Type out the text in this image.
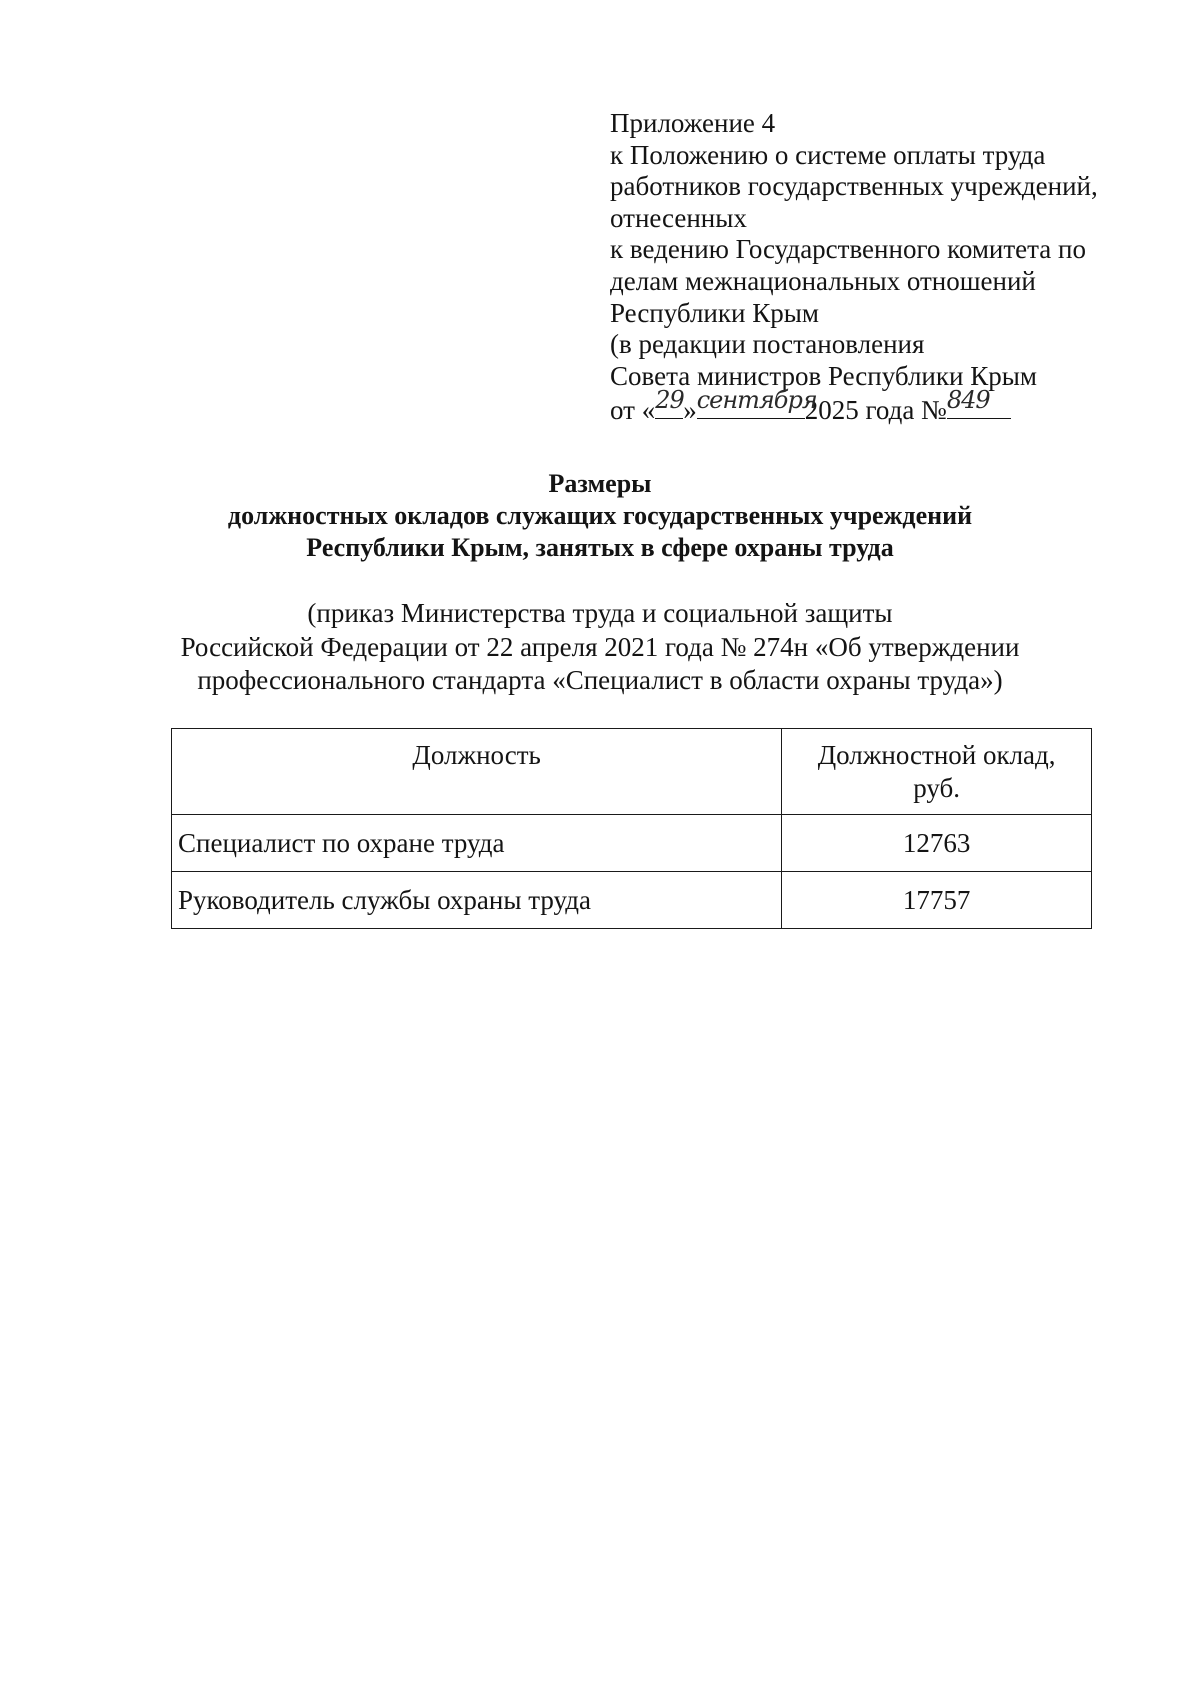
Приложение 4
к Положению о системе оплаты труда
работников государственных учреждений,
отнесенных
к ведению Государственного комитета по
делам межнациональных отношений
Республики Крым
(в редакции постановления
Совета министров Республики Крым
от « 29 » сентября
2025 года № 849
Размеры
должностных окладов служащих государственных учреждений
Республики Крым, занятых в сфере охраны труда
(приказ Министерства труда и социальной защиты
Российской Федерации от 22 апреля 2021 года № 274н «Об утверждении
профессионального стандарта «Специалист в области охраны труда»)
Должность	Должностной оклад,
руб.

Специалист по охране труда	12763
Руководитель службы охраны труда	17757
